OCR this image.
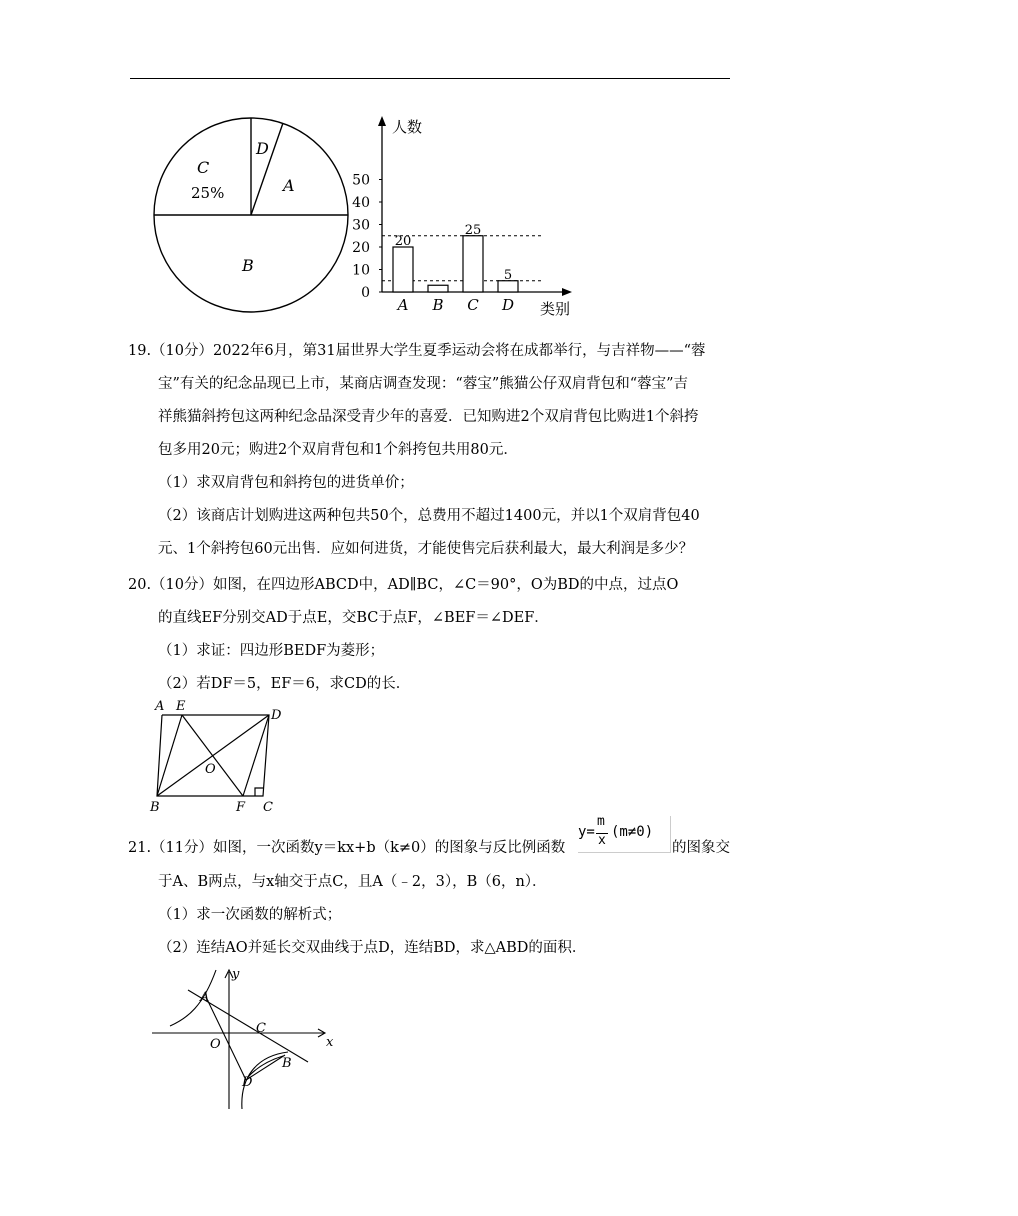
C
25%
D
A
B
人数
类别
0
10
20
30
40
50
A
20
B C
25
D
5
19.（10分）2022年6月，第31届世界大学生夏季运动会将在成都举行，与吉祥物——“蓉
宝”有关的纪念品现已上市，某商店调查发现：“蓉宝”熊猫公仔双肩背包和“蓉宝”吉
祥熊猫斜挎包这两种纪念品深受青少年的喜爱．已知购进2个双肩背包比购进1个斜挎
包多用20元；购进2个双肩背包和1个斜挎包共用80元．
（1）求双肩背包和斜挎包的进货单价；
（2）该商店计划购进这两种包共50个，总费用不超过1400元，并以1个双肩背包40
元、1个斜挎包60元出售．应如何进货，才能使售完后获利最大，最大利润是多少？
20.（10分）如图，在四边形ABCD中，AD∥BC，∠C＝90°，O为BD的中点，过点O
的直线EF分别交AD于点E，交BC于点F，∠BEF＝∠DEF．
（1）求证：四边形BEDF为菱形；
（2）若DF＝5，EF＝6，求CD的长．
A E
D
O
B	F C
21.（11分）如图，一次函数y＝kx+b（k≠0）的图象与反比例函数
y=
m
x
(m≠0)
的图象交
于A、B两点，与x轴交于点C，且A（﹣2，3），B（6，n）．
（1）求一次函数的解析式；
（2）连结AO并延长交双曲线于点D，连结BD，求△ABD的面积．
y
x
A
C
O
B
D
